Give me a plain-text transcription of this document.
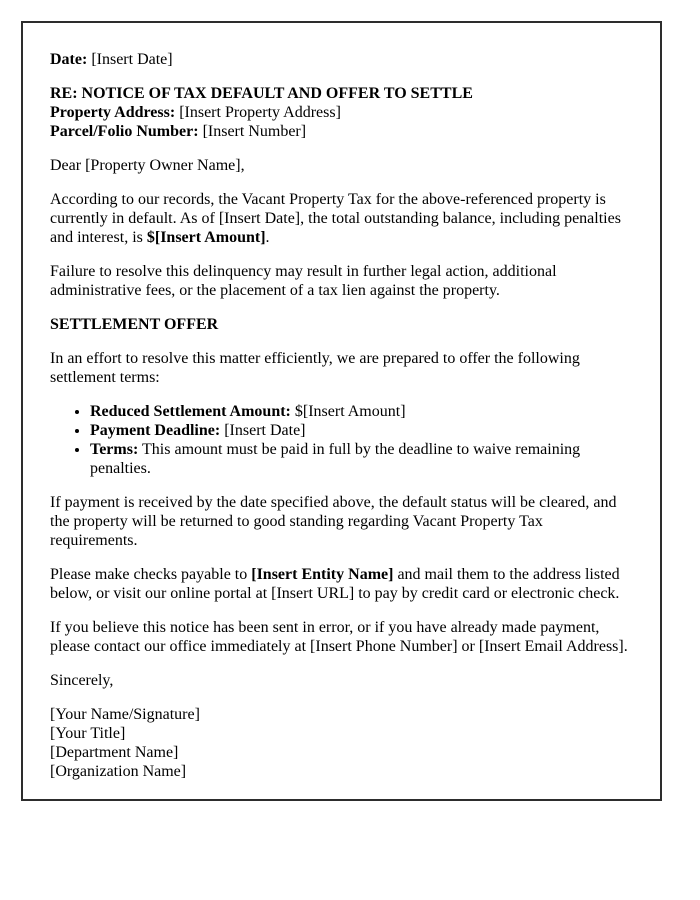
Date: [Insert Date]

RE: NOTICE OF TAX DEFAULT AND OFFER TO SETTLE
Property Address: [Insert Property Address]
Parcel/Folio Number: [Insert Number]

Dear [Property Owner Name],

According to our records, the Vacant Property Tax for the above-referenced property is currently in default. As of [Insert Date], the total outstanding balance, including penalties and interest, is $[Insert Amount].

Failure to resolve this delinquency may result in further legal action, additional administrative fees, or the placement of a tax lien against the property.

SETTLEMENT OFFER

In an effort to resolve this matter efficiently, we are prepared to offer the following settlement terms:

• Reduced Settlement Amount: $[Insert Amount]
• Payment Deadline: [Insert Date]
• Terms: This amount must be paid in full by the deadline to waive remaining penalties.

If payment is received by the date specified above, the default status will be cleared, and the property will be returned to good standing regarding Vacant Property Tax requirements.

Please make checks payable to [Insert Entity Name] and mail them to the address listed below, or visit our online portal at [Insert URL] to pay by credit card or electronic check.

If you believe this notice has been sent in error, or if you have already made payment, please contact our office immediately at [Insert Phone Number] or [Insert Email Address].

Sincerely,

[Your Name/Signature]
[Your Title]
[Department Name]
[Organization Name]
